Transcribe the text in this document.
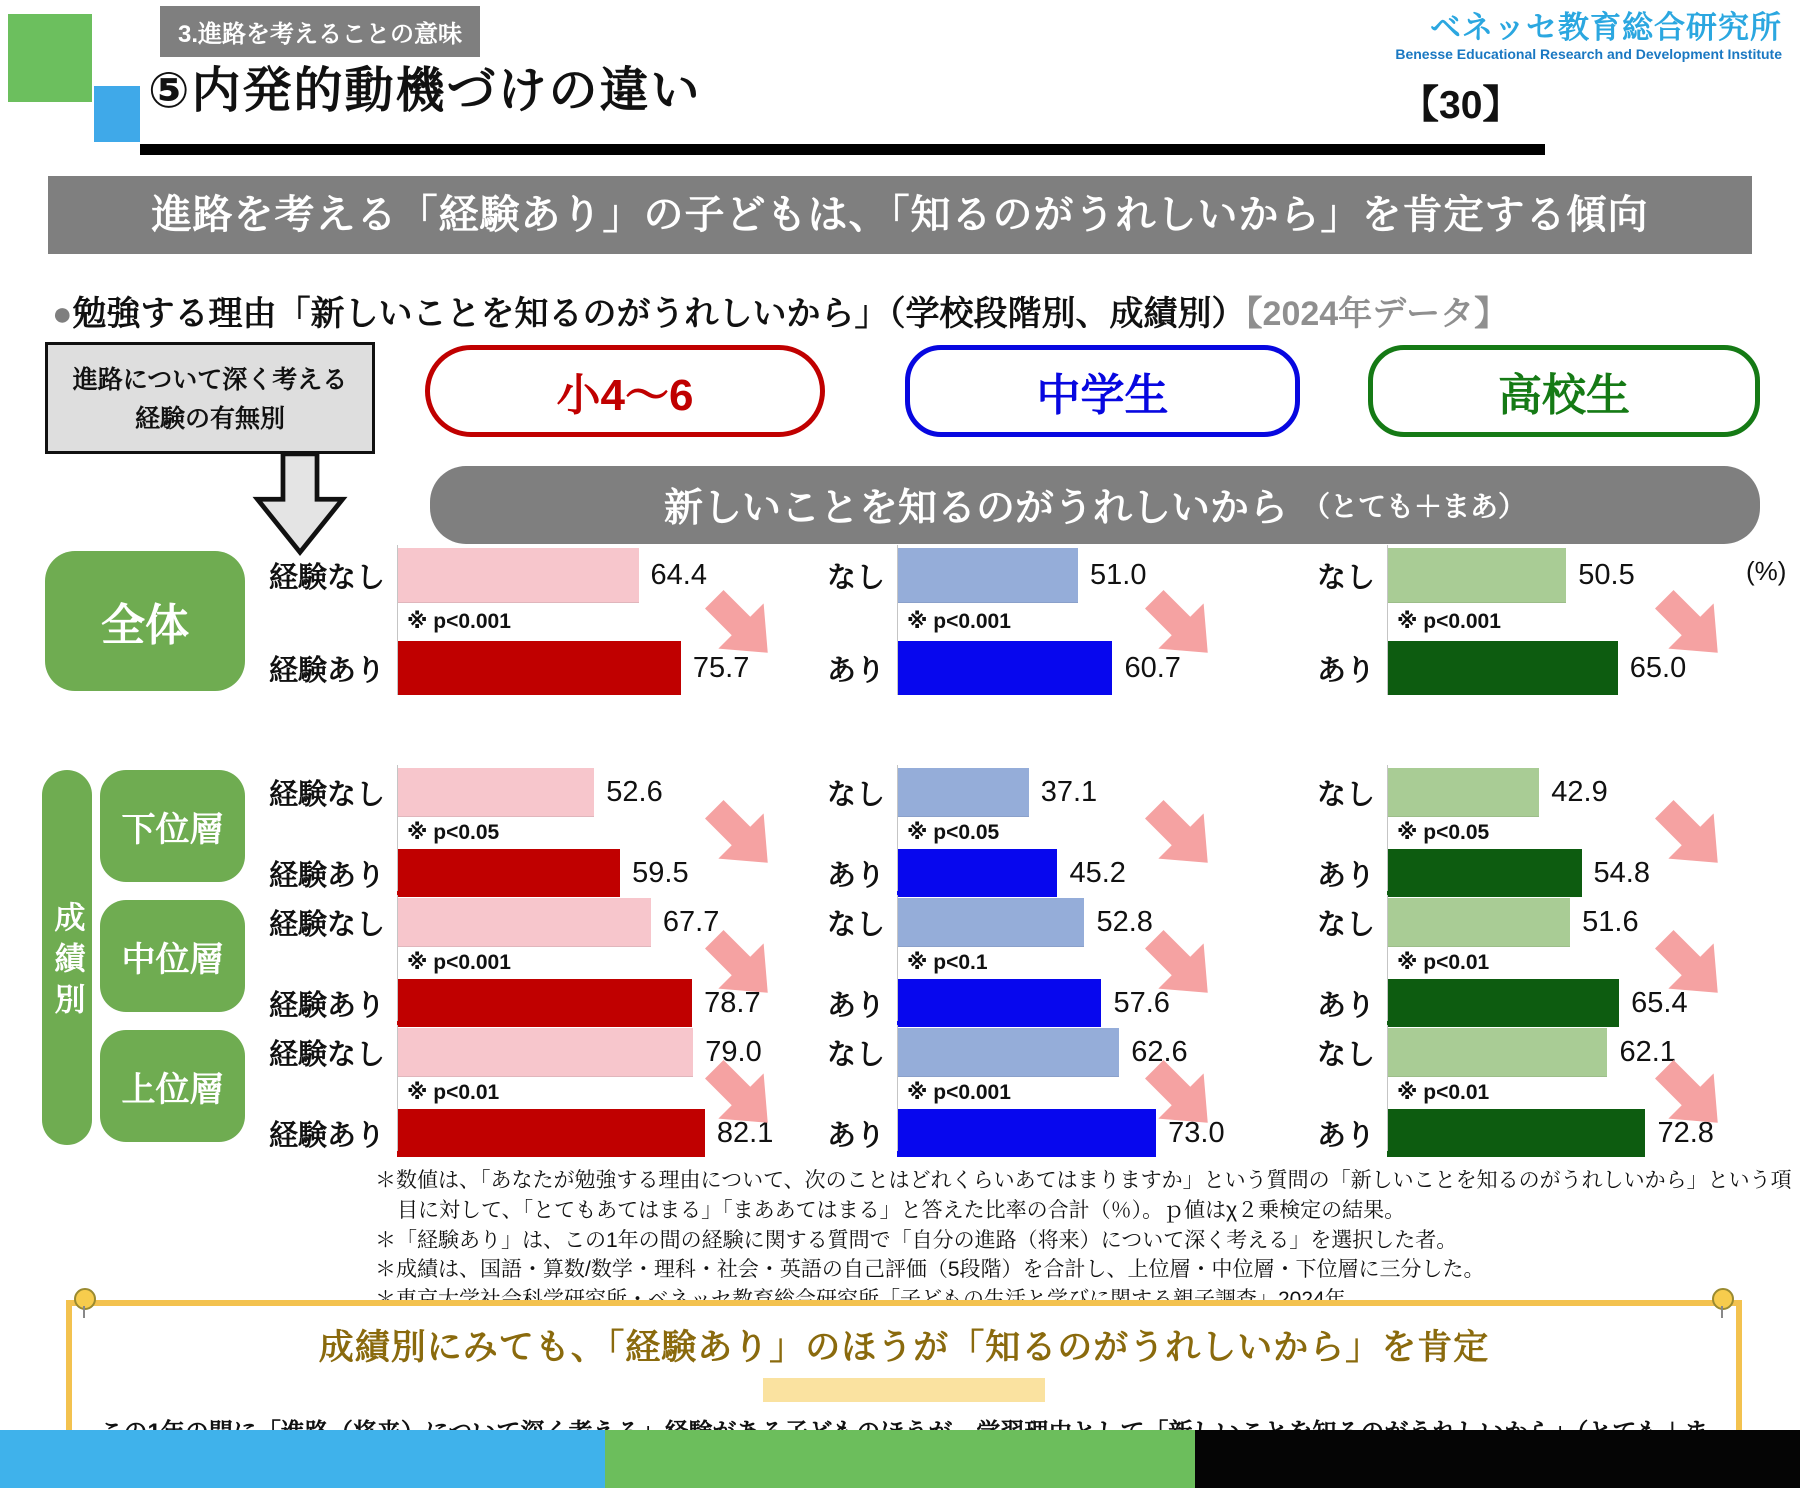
3.進路を考えることの意味
⑤内発的動機づけの違い	【30】
ベネッセ教育総合研究所
Benesse Educational Research and Development Institute
進路を考える「経験あり」の子どもは、「知るのがうれしいから」を肯定する傾向
●勉強する理由「新しいことを知るのがうれしいから」（学校段階別、成績別）【2024年データ】
進路について深く考える
経験の有無別	小4～6	中学生	高校生
新しいことを知るのがうれしいから （とても＋まあ）
(%)
全体
下位層
中位層
上位層
成績別
経験なし	64.4
※ p<0.001
経験あり	75.7
なし	51.0
※ p<0.001
あり	60.7
なし	50.5
※ p<0.001
あり	65.0
経験なし	52.6
※ p<0.05
経験あり	59.5
なし	37.1
※ p<0.05
あり	45.2
なし	42.9
※ p<0.05
あり	54.8
経験なし	67.7
※ p<0.001
経験あり	78.7
なし	52.8
※ p<0.1
あり	57.6
なし	51.6
※ p<0.01
あり	65.4
経験なし	79.0
※ p<0.01
経験あり	82.1
なし	62.6
※ p<0.001
あり	73.0
なし	62.1
※ p<0.01
あり	72.8
＊数値は、「あなたが勉強する理由について、次のことはどれくらいあてはまりますか」という質問の「新しいことを知るのがうれしいから」という項目に対して、「とてもあてはまる」「まああてはまる」と答えた比率の合計（％）。ｐ値はχ２乗検定の結果。
＊「経験あり」は、この1年の間の経験に関する質問で「自分の進路（将来）について深く考える」を選択した者。
＊成績は、国語・算数/数学・理科・社会・英語の自己評価（5段階）を合計し、上位層・中位層・下位層に三分した。
成績別にみても、「経験あり」のほうが「知るのがうれしいから」を肯定
